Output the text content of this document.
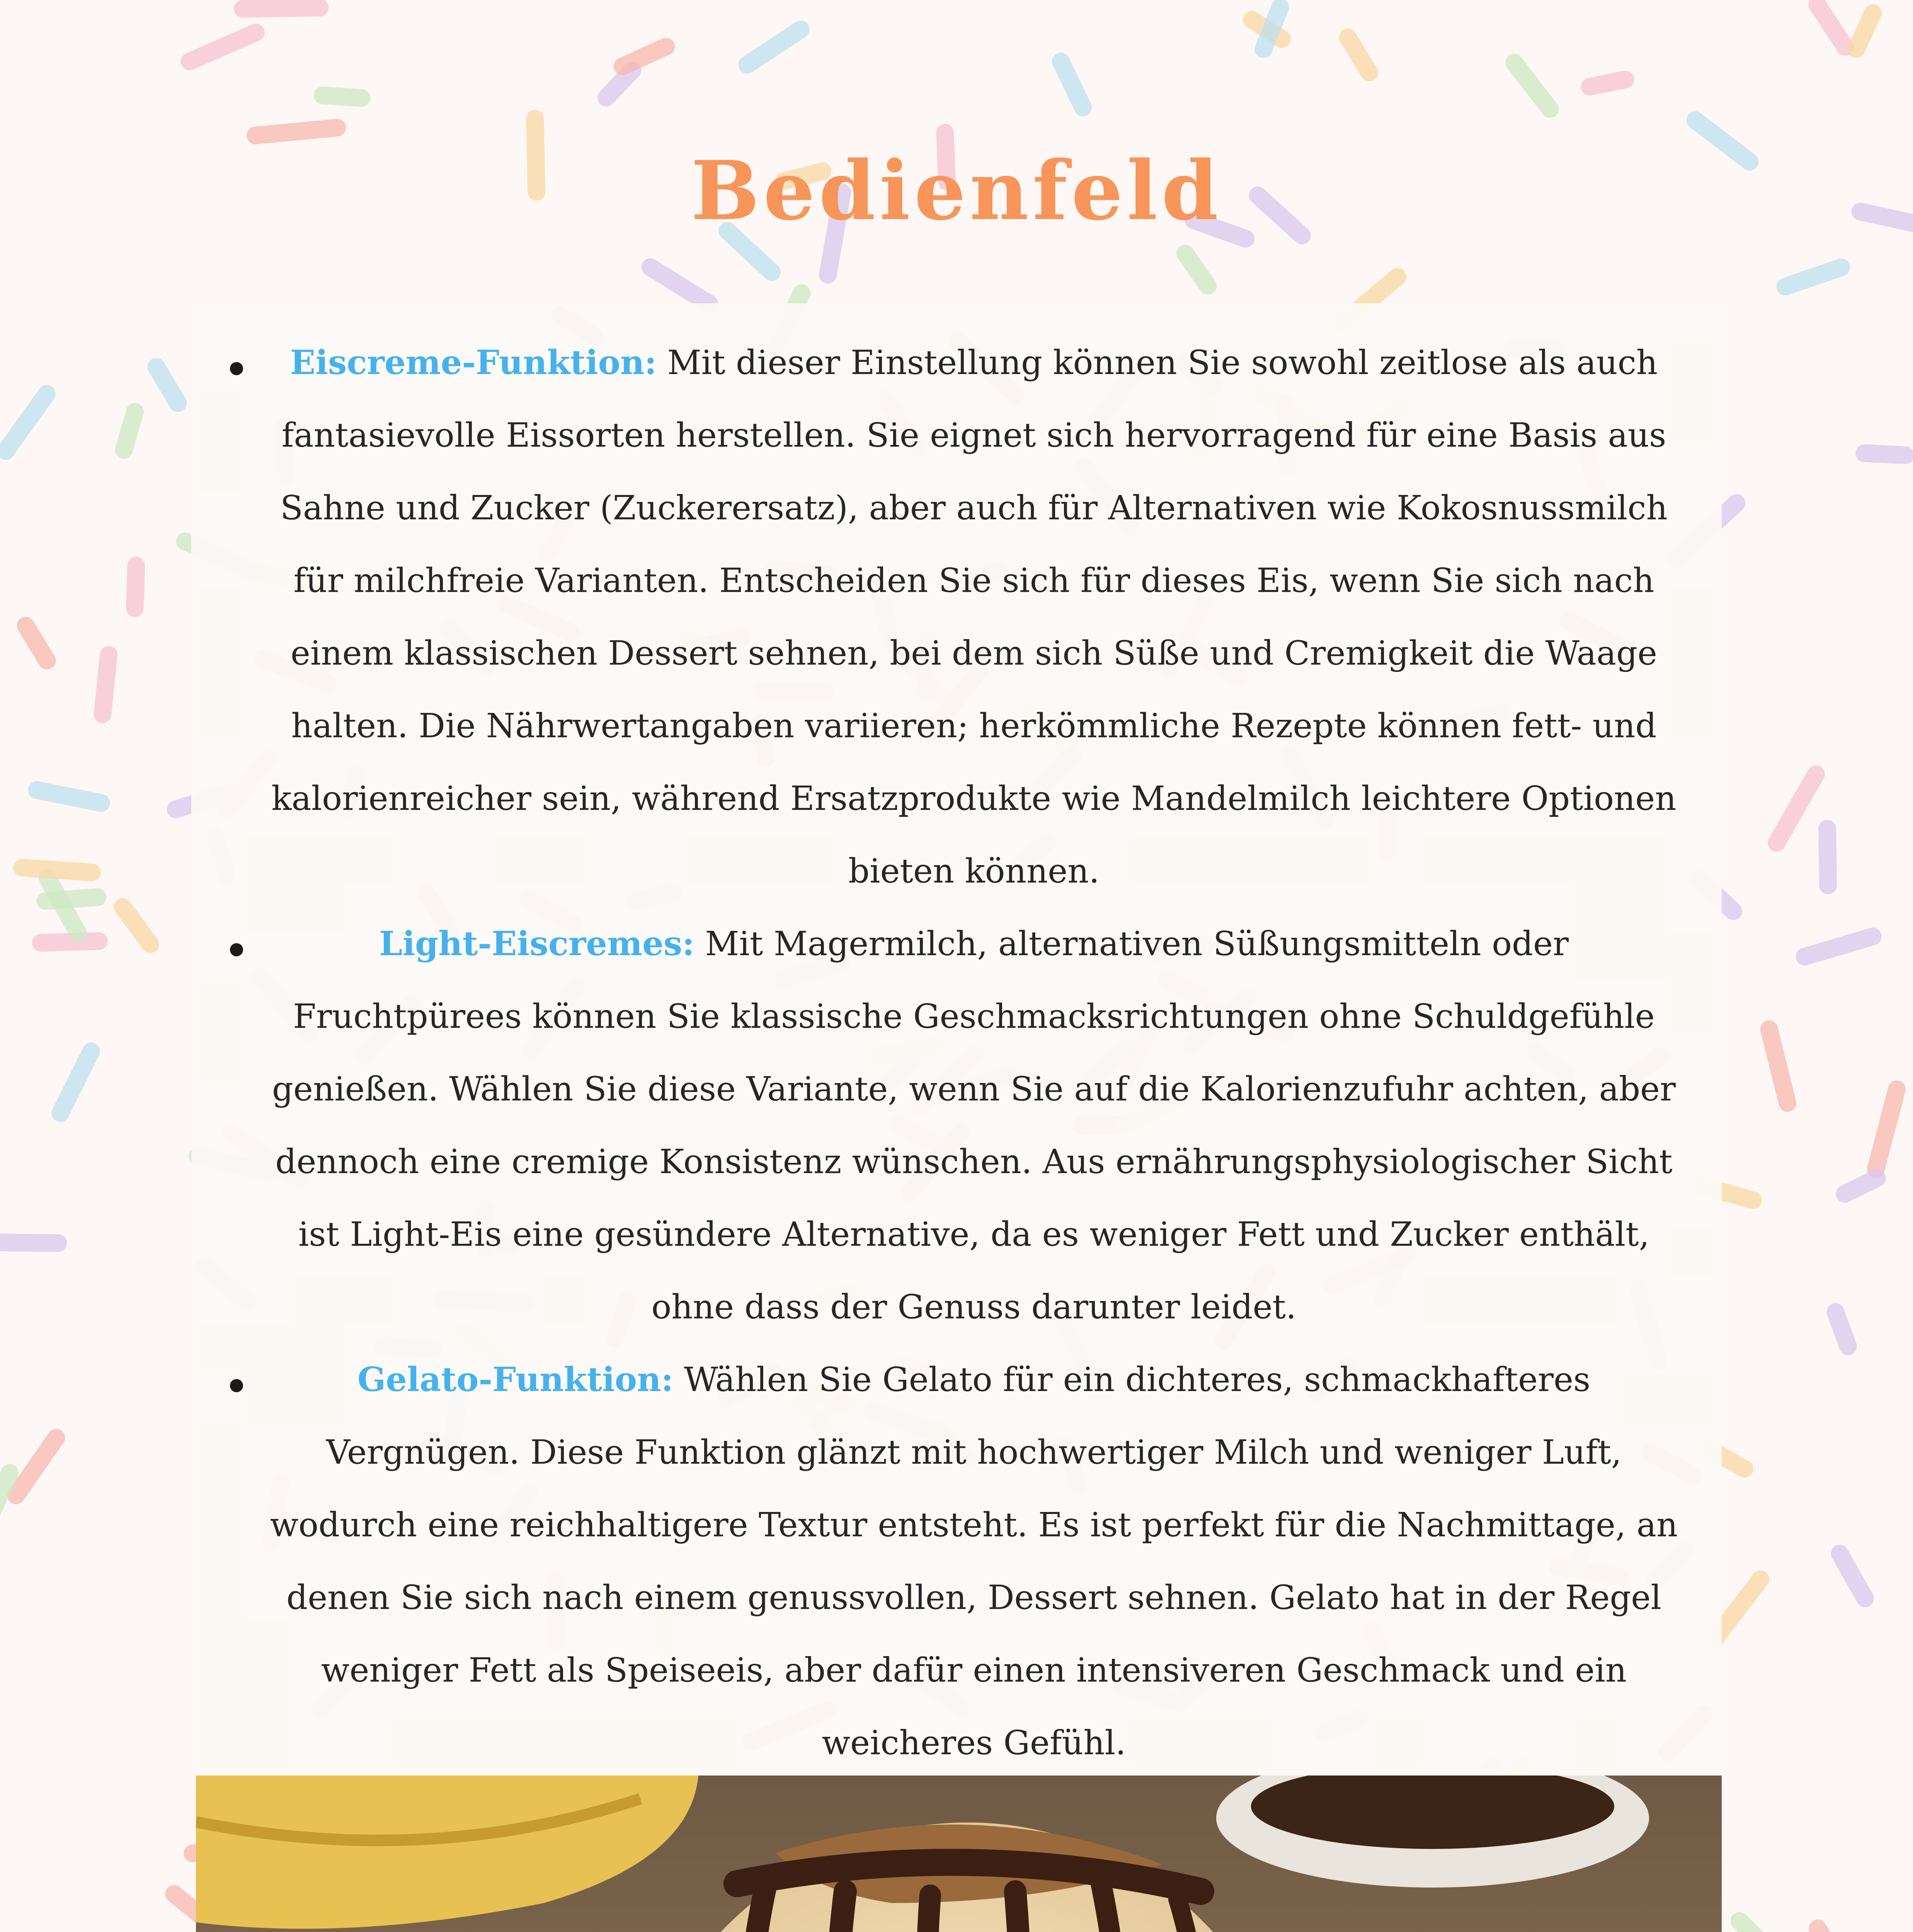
Bedienfeld

Eiscreme-Funktion: Mit dieser Einstellung können Sie sowohl zeitlose als auch fantasievolle Eissorten herstellen. Sie eignet sich hervorragend für eine Basis aus Sahne und Zucker (Zuckerersatz), aber auch für Alternativen wie Kokosnussmilch für milchfreie Varianten. Entscheiden Sie sich für dieses Eis, wenn Sie sich nach einem klassischen Dessert sehnen, bei dem sich Süße und Cremigkeit die Waage halten. Die Nährwertangaben variieren; herkömmliche Rezepte können fett- und kalorienreicher sein, während Ersatzprodukte wie Mandelmilch leichtere Optionen bieten können.

Light-Eiscremes: Mit Magermilch, alternativen Süßungsmitteln oder Fruchtpürees können Sie klassische Geschmacksrichtungen ohne Schuldgefühle genießen. Wählen Sie diese Variante, wenn Sie auf die Kalorienzufuhr achten, aber dennoch eine cremige Konsistenz wünschen. Aus ernährungsphysiologischer Sicht ist Light-Eis eine gesündere Alternative, da es weniger Fett und Zucker enthält, ohne dass der Genuss darunter leidet.

Gelato-Funktion: Wählen Sie Gelato für ein dichteres, schmackhafteres Vergnügen. Diese Funktion glänzt mit hochwertiger Milch und weniger Luft, wodurch eine reichhaltigere Textur entsteht. Es ist perfekt für die Nachmittage, an denen Sie sich nach einem genussvollen, Dessert sehnen. Gelato hat in der Regel weniger Fett als Speiseeis, aber dafür einen intensiveren Geschmack und ein weicheres Gefühl.
